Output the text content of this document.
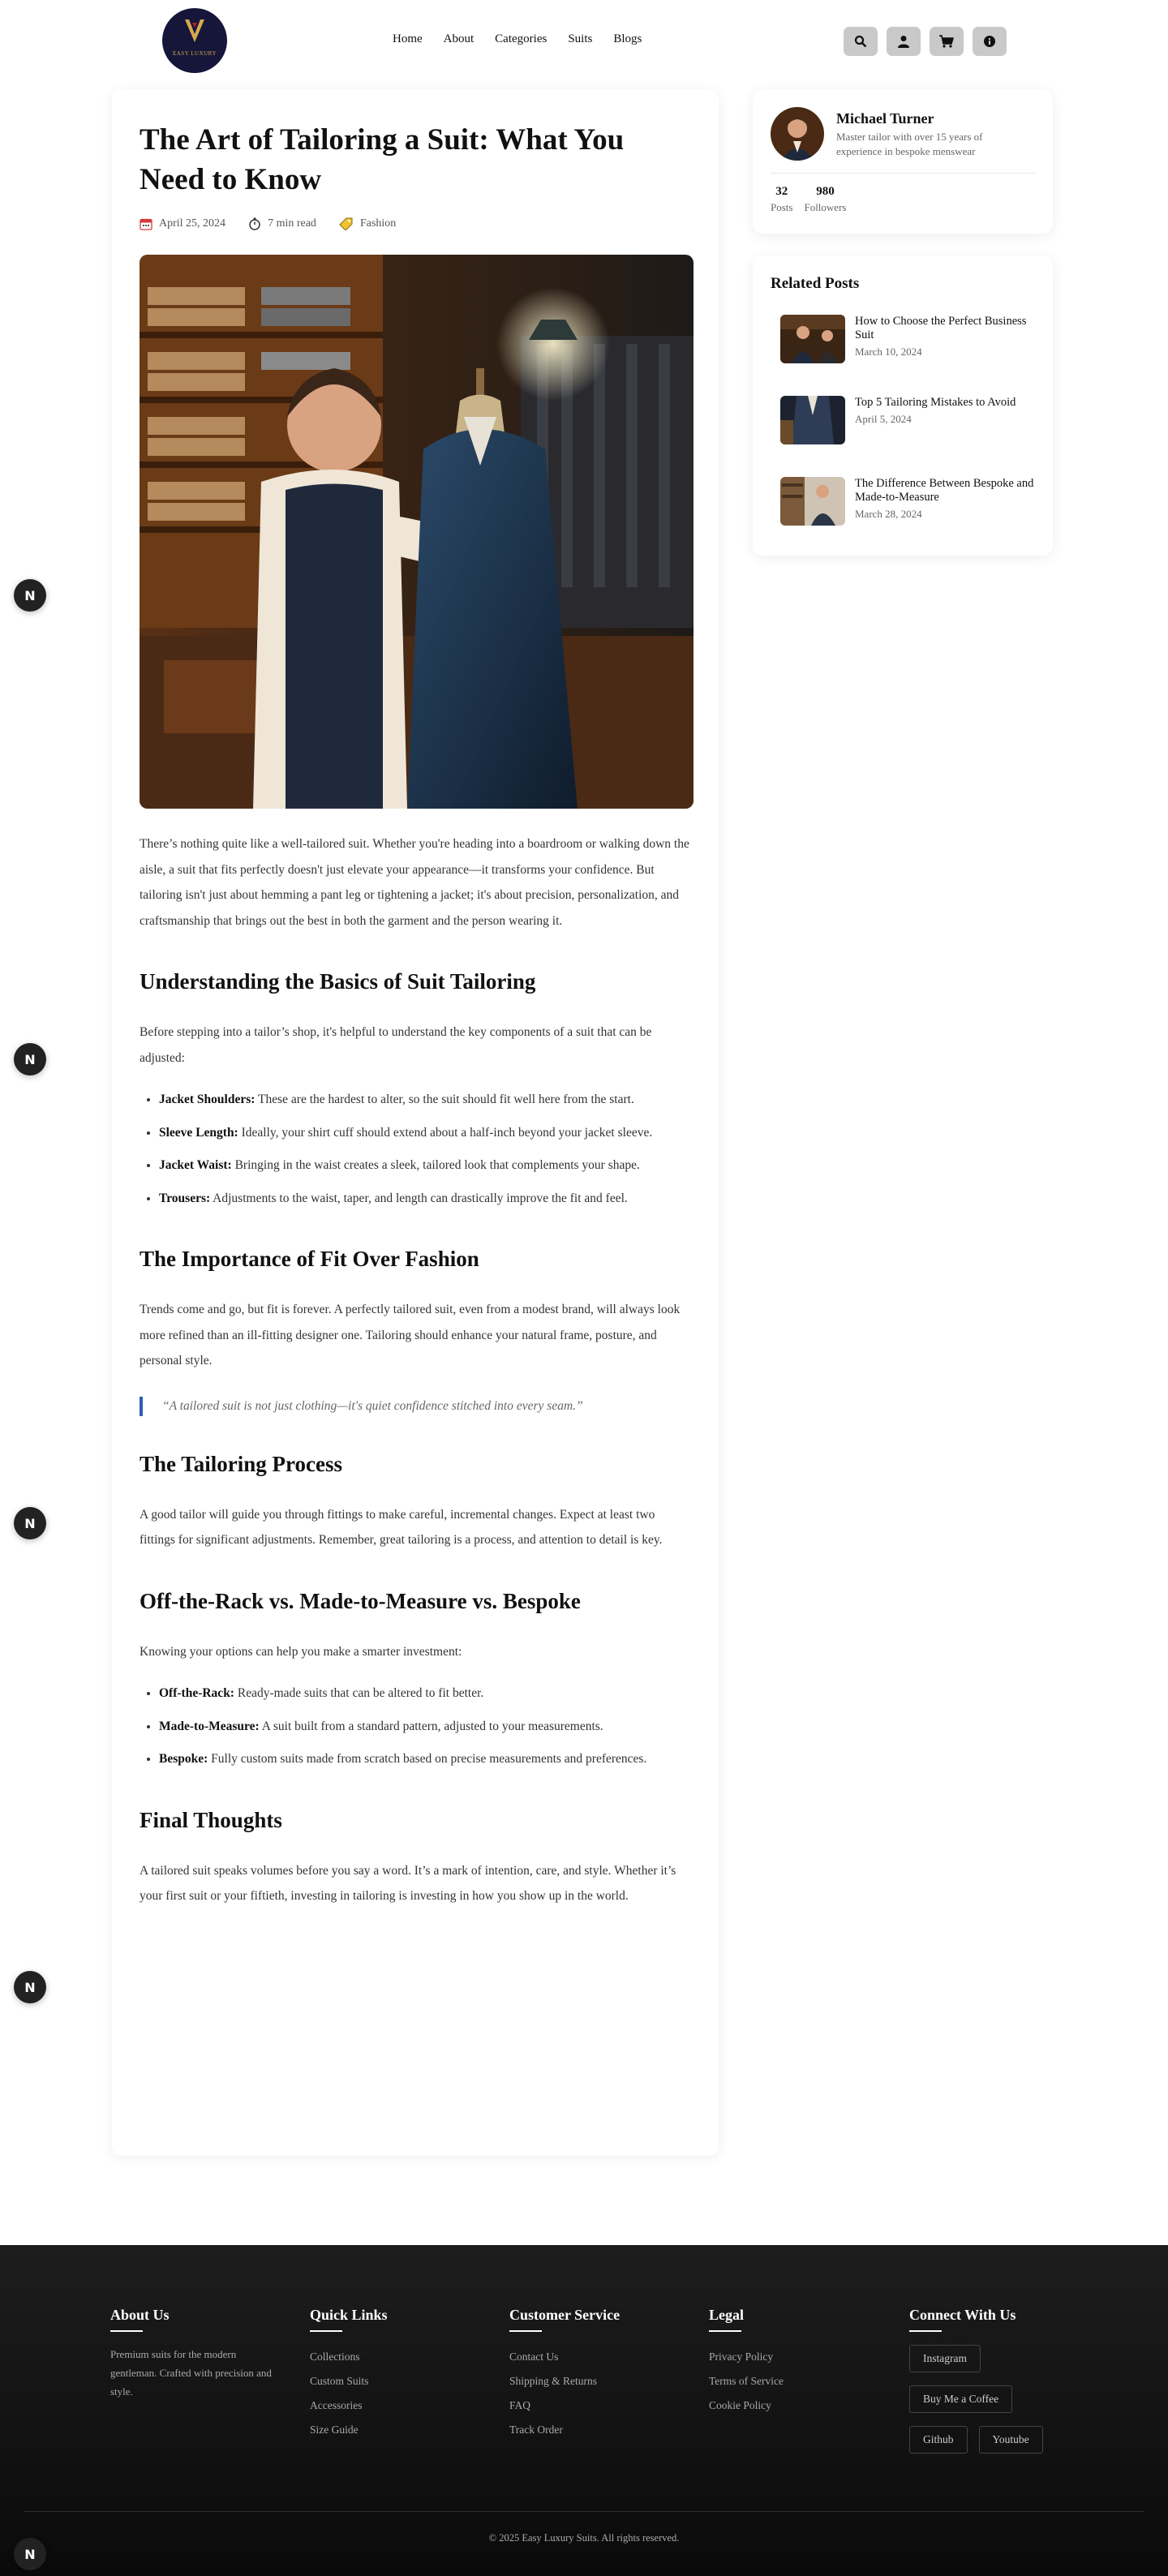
EASY LUXURY
Home About Categories Suits Blogs
The Art of Tailoring a Suit: What You Need to Know
April 25, 2024	7 min read	Fashion

There’s nothing quite like a well-tailored suit. Whether you're heading into a boardroom or walking down the aisle, a suit that fits perfectly doesn't just elevate your appearance—it transforms your confidence. But tailoring isn't just about hemming a pant leg or tightening a jacket; it's about precision, personalization, and craftsmanship that brings out the best in both the garment and the person wearing it.

Understanding the Basics of Suit Tailoring

Before stepping into a tailor’s shop, it's helpful to understand the key components of a suit that can be adjusted:

• Jacket Shoulders: These are the hardest to alter, so the suit should fit well here from the start.
• Sleeve Length: Ideally, your shirt cuff should extend about a half-inch beyond your jacket sleeve.
• Jacket Waist: Bringing in the waist creates a sleek, tailored look that complements your shape.
• Trousers: Adjustments to the waist, taper, and length can drastically improve the fit and feel.
The Importance of Fit Over Fashion

Trends come and go, but fit is forever. A perfectly tailored suit, even from a modest brand, will always look more refined than an ill-fitting designer one. Tailoring should enhance your natural frame, posture, and personal style.

“A tailored suit is not just clothing—it's quiet confidence stitched into every seam.”
The Tailoring Process

A good tailor will guide you through fittings to make careful, incremental changes. Expect at least two fittings for significant adjustments. Remember, great tailoring is a process, and attention to detail is key.

Off-the-Rack vs. Made-to-Measure vs. Bespoke

Knowing your options can help you make a smarter investment:

• Off-the-Rack: Ready-made suits that can be altered to fit better.
• Made-to-Measure: A suit built from a standard pattern, adjusted to your measurements.
• Bespoke: Fully custom suits made from scratch based on precise measurements and preferences.
Final Thoughts

A tailored suit speaks volumes before you say a word. It’s a mark of intention, care, and style. Whether it’s your first suit or your fiftieth, investing in tailoring is investing in how you show up in the world.

Michael Turner
Master tailor with over 15 years of experience in bespoke menswear
32
Posts
980
Followers
Related Posts
How to Choose the Perfect Business Suit
March 10, 2024
Top 5 Tailoring Mistakes to Avoid
April 5, 2024
The Difference Between Bespoke and Made-to-Measure
March 28, 2024
N
N
N
N
About Us
Premium suits for the modern gentleman. Crafted with precision and style.
Quick Links
Collections
Custom Suits
Accessories
Size Guide
Customer Service
Contact Us
Shipping & Returns
FAQ
Track Order
Legal
Privacy Policy
Terms of Service
Cookie Policy
Connect With Us
Instagram
Buy Me a Coffee
Github	Youtube
© 2025 Easy Luxury Suits. All rights reserved.
N
